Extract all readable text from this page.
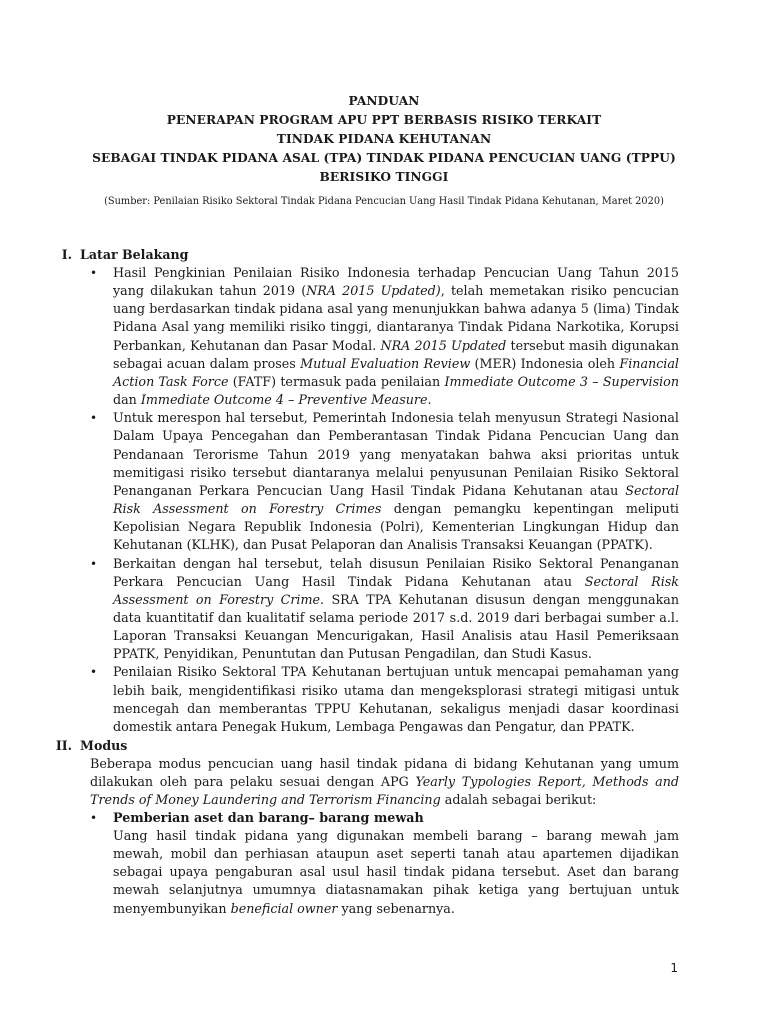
PANDUAN
PENERAPAN PROGRAM APU PPT BERBASIS RISIKO TERKAIT
TINDAK PIDANA KEHUTANAN
SEBAGAI TINDAK PIDANA ASAL (TPA) TINDAK PIDANA PENCUCIAN UANG (TPPU)
BERISIKO TINGGI
(Sumber: Penilaian Risiko Sektoral Tindak Pidana Pencucian Uang Hasil Tindak Pidana Kehutanan, Maret 2020)
I. Latar Belakang
• Hasil Pengkinian Penilaian Risiko Indonesia terhadap Pencucian Uang Tahun 2015 yang dilakukan tahun 2019 (NRA 2015 Updated), telah memetakan risiko pencucian uang berdasarkan tindak pidana asal yang menunjukkan bahwa adanya 5 (lima) Tindak Pidana Asal yang memiliki risiko tinggi, diantaranya Tindak Pidana Narkotika, Korupsi Perbankan, Kehutanan dan Pasar Modal. NRA 2015 Updated tersebut masih digunakan sebagai acuan dalam proses Mutual Evaluation Review (MER) Indonesia oleh Financial Action Task Force (FATF) termasuk pada penilaian Immediate Outcome 3 – Supervision dan Immediate Outcome 4 – Preventive Measure.
• Untuk merespon hal tersebut, Pemerintah Indonesia telah menyusun Strategi Nasional Dalam Upaya Pencegahan dan Pemberantasan Tindak Pidana Pencucian Uang dan Pendanaan Terorisme Tahun 2019 yang menyatakan bahwa aksi prioritas untuk memitigasi risiko tersebut diantaranya melalui penyusunan Penilaian Risiko Sektoral Penanganan Perkara Pencucian Uang Hasil Tindak Pidana Kehutanan atau Sectoral Risk Assessment on Forestry Crimes dengan pemangku kepentingan meliputi Kepolisian Negara Republik Indonesia (Polri), Kementerian Lingkungan Hidup dan Kehutanan (KLHK), dan Pusat Pelaporan dan Analisis Transaksi Keuangan (PPATK).
• Berkaitan dengan hal tersebut, telah disusun Penilaian Risiko Sektoral Penanganan Perkara Pencucian Uang Hasil Tindak Pidana Kehutanan atau Sectoral Risk Assessment on Forestry Crime. SRA TPA Kehutanan disusun dengan menggunakan data kuantitatif dan kualitatif selama periode 2017 s.d. 2019 dari berbagai sumber a.l. Laporan Transaksi Keuangan Mencurigakan, Hasil Analisis atau Hasil Pemeriksaan PPATK, Penyidikan, Penuntutan dan Putusan Pengadilan, dan Studi Kasus.
• Penilaian Risiko Sektoral TPA Kehutanan bertujuan untuk mencapai pemahaman yang lebih baik, mengidentifikasi risiko utama dan mengeksplorasi strategi mitigasi untuk mencegah dan memberantas TPPU Kehutanan, sekaligus menjadi dasar koordinasi domestik antara Penegak Hukum, Lembaga Pengawas dan Pengatur, dan PPATK.
II. Modus
Beberapa modus pencucian uang hasil tindak pidana di bidang Kehutanan yang umum dilakukan oleh para pelaku sesuai dengan APG Yearly Typologies Report, Methods and Trends of Money Laundering and Terrorism Financing adalah sebagai berikut:
• Pemberian aset dan barang– barang mewah
Uang hasil tindak pidana yang digunakan membeli barang – barang mewah jam mewah, mobil dan perhiasan ataupun aset seperti tanah atau apartemen dijadikan sebagai upaya pengaburan asal usul hasil tindak pidana tersebut. Aset dan barang mewah selanjutnya umumnya diatasnamakan pihak ketiga yang bertujuan untuk menyembunyikan beneficial owner yang sebenarnya.
1
